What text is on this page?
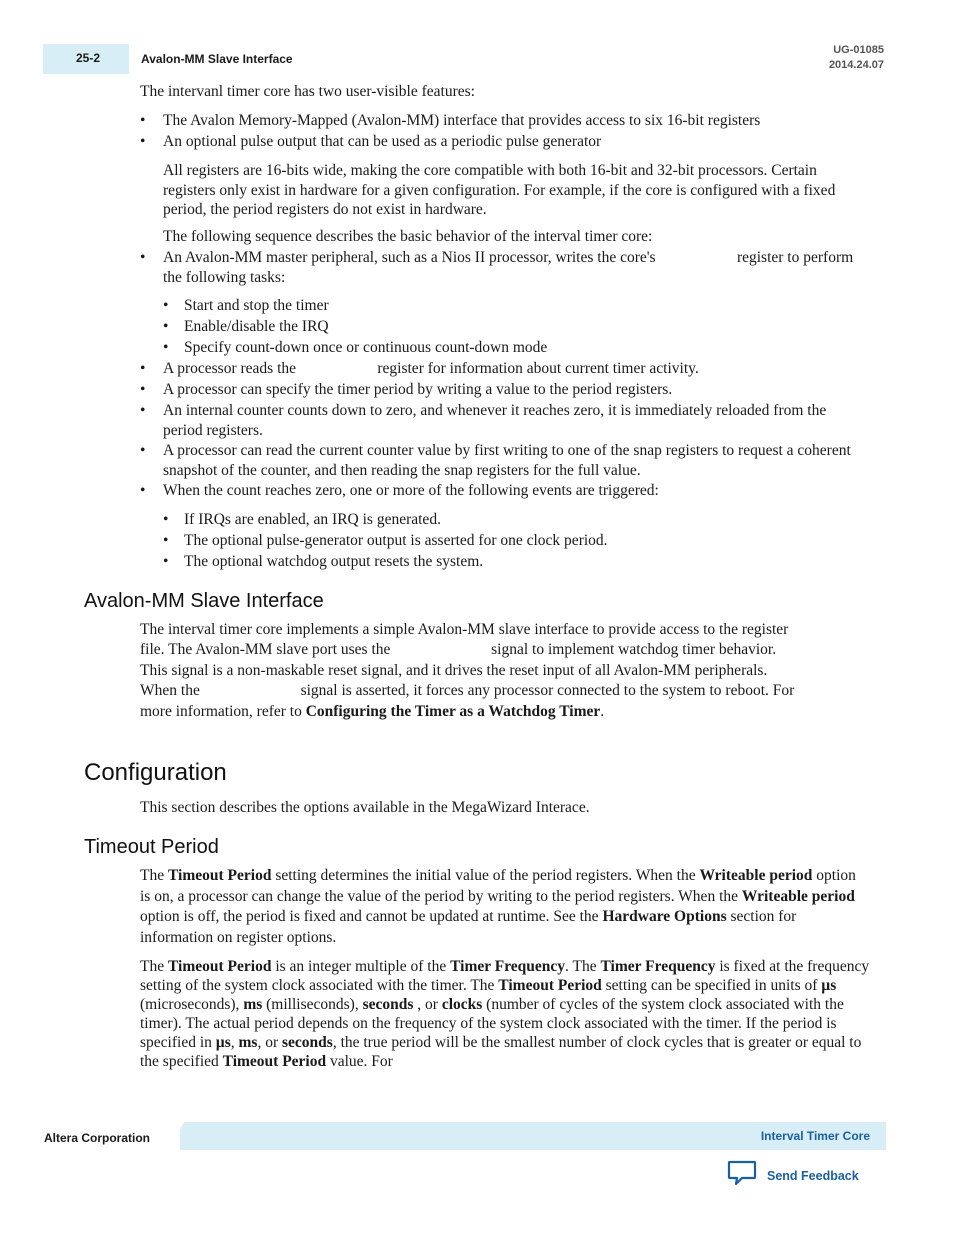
25-2	Avalon-MM Slave Interface
UG-01085
2014.24.07
The intervanl timer core has two user-visible features:
• The Avalon Memory-Mapped (Avalon-MM) interface that provides access to six 16-bit registers
• An optional pulse output that can be used as a periodic pulse generator
All registers are 16-bits wide, making the core compatible with both 16-bit and 32-bit processors. Certain registers only exist in hardware for a given configuration. For example, if the core is configured with a fixed period, the period registers do not exist in hardware.
The following sequence describes the basic behavior of the interval timer core:
• An Avalon-MM master peripheral, such as a Nios II processor, writes the core's                     register to perform the following tasks:
• Start and stop the timer
• Enable/disable the IRQ
• Specify count-down once or continuous count-down mode
• A processor reads the                     register for information about current timer activity.
• A processor can specify the timer period by writing a value to the period registers.
• An internal counter counts down to zero, and whenever it reaches zero, it is immediately reloaded from the period registers.
• A processor can read the current counter value by first writing to one of the snap registers to request a coherent snapshot of the counter, and then reading the snap registers for the full value.
• When the count reaches zero, one or more of the following events are triggered:
• If IRQs are enabled, an IRQ is generated.
• The optional pulse-generator output is asserted for one clock period.
• The optional watchdog output resets the system.
Avalon-MM Slave Interface
The interval timer core implements a simple Avalon-MM slave interface to provide access to the register
file. The Avalon-MM slave port uses the                          signal to implement watchdog timer behavior.
This signal is a non-maskable reset signal, and it drives the reset input of all Avalon-MM peripherals.
When the                          signal is asserted, it forces any processor connected to the system to reboot. For
more information, refer to Configuring the Timer as a Watchdog Timer.
Configuration
This section describes the options available in the MegaWizard Interace.
Timeout Period
The Timeout Period setting determines the initial value of the period registers. When the Writeable period option is on, a processor can change the value of the period by writing to the period registers. When the Writeable period option is off, the period is fixed and cannot be updated at runtime. See the Hardware Options section for information on register options.
The Timeout Period is an integer multiple of the Timer Frequency. The Timer Frequency is fixed at the frequency setting of the system clock associated with the timer. The Timeout Period setting can be specified in units of µs (microseconds), ms (milliseconds), seconds , or clocks (number of cycles of the system clock associated with the timer). The actual period depends on the frequency of the system clock associated with the timer. If the period is specified in µs, ms, or seconds, the true period will be the smallest number of clock cycles that is greater or equal to the specified Timeout Period value. For
Altera Corporation	Interval Timer Core
Send Feedback
